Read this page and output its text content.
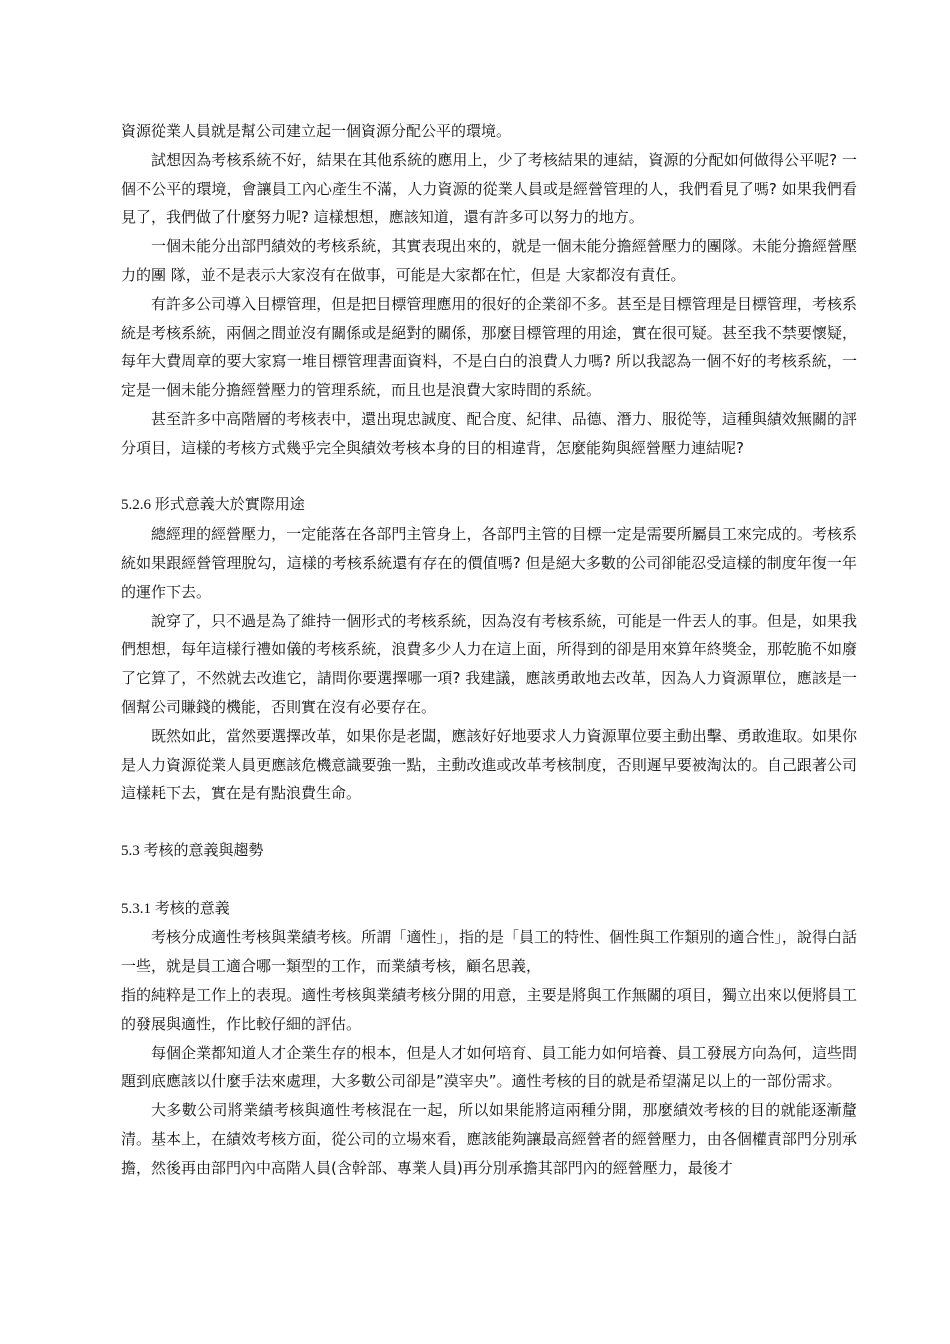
資源從業人員就是幫公司建立起一個資源分配公平的環境。

試想因為考核系統不好，結果在其他系統的應用上，少了考核結果的連結，資源的分配如何做得公平呢? 一個不公平的環境，會讓員工內心產生不滿，人力資源的從業人員或是經營管理的人，我們看見了嗎? 如果我們看見了，我們做了什麼努力呢? 這樣想想，應該知道，還有許多可以努力的地方。

一個未能分出部門績效的考核系統，其實表現出來的，就是一個未能分擔經營壓力的團隊。未能分擔經營壓力的團 隊，並不是表示大家沒有在做事，可能是大家都在忙，但是 大家都沒有責任。

有許多公司導入目標管理，但是把目標管理應用的很好的企業卻不多。甚至是目標管理是目標管理，考核系統是考核系統，兩個之間並沒有關係或是絕對的關係，那麼目標管理的用途，實在很可疑。甚至我不禁要懷疑，每年大費周章的要大家寫一堆目標管理書面資料，不是白白的浪費人力嗎? 所以我認為一個不好的考核系統，一定是一個未能分擔經營壓力的管理系統，而且也是浪費大家時間的系統。

甚至許多中高階層的考核表中，還出現忠誠度、配合度、紀律、品德、潛力、服從等，這種與績效無關的評分項目，這樣的考核方式幾乎完全與績效考核本身的目的相違背，怎麼能夠與經營壓力連結呢?

5.2.6 形式意義大於實際用途

總經理的經營壓力，一定能落在各部門主管身上，各部門主管的目標一定是需要所屬員工來完成的。考核系統如果跟經營管理脫勾，這樣的考核系統還有存在的價值嗎? 但是絕大多數的公司卻能忍受這樣的制度年復一年的運作下去。

說穿了，只不過是為了維持一個形式的考核系統，因為沒有考核系統，可能是一件丟人的事。但是，如果我們想想，每年這樣行禮如儀的考核系統，浪費多少人力在這上面，所得到的卻是用來算年終獎金，那乾脆不如廢了它算了，不然就去改進它，請問你要選擇哪一項? 我建議，應該勇敢地去改革，因為人力資源單位，應該是一個幫公司賺錢的機能，否則實在沒有必要存在。

既然如此，當然要選擇改革，如果你是老闆，應該好好地要求人力資源單位要主動出擊、勇敢進取。如果你是人力資源從業人員更應該危機意識要強一點，主動改進或改革考核制度，否則遲早要被淘汰的。自己跟著公司這樣耗下去，實在是有點浪費生命。

5.3 考核的意義與趨勢

5.3.1 考核的意義

考核分成適性考核與業績考核。所謂「適性」，指的是「員工的特性、個性與工作類別的適合性」，說得白話一些，就是員工適合哪一類型的工作，而業績考核，顧名思義，

指的純粹是工作上的表現。適性考核與業績考核分開的用意，主要是將與工作無關的項目，獨立出來以便將員工的發展與適性，作比較仔細的評估。

每個企業都知道人才企業生存的根本，但是人才如何培育、員工能力如何培養、員工發展方向為何，這些問題到底應該以什麼手法來處理，大多數公司卻是”漠宰央”。適性考核的目的就是希望滿足以上的一部份需求。

大多數公司將業績考核與適性考核混在一起，所以如果能將這兩種分開，那麼績效考核的目的就能逐漸釐清。基本上，在績效考核方面，從公司的立場來看，應該能夠讓最高經營者的經營壓力，由各個權責部門分別承擔，然後再由部門內中高階人員(含幹部、專業人員)再分別承擔其部門內的經營壓力，最後才
